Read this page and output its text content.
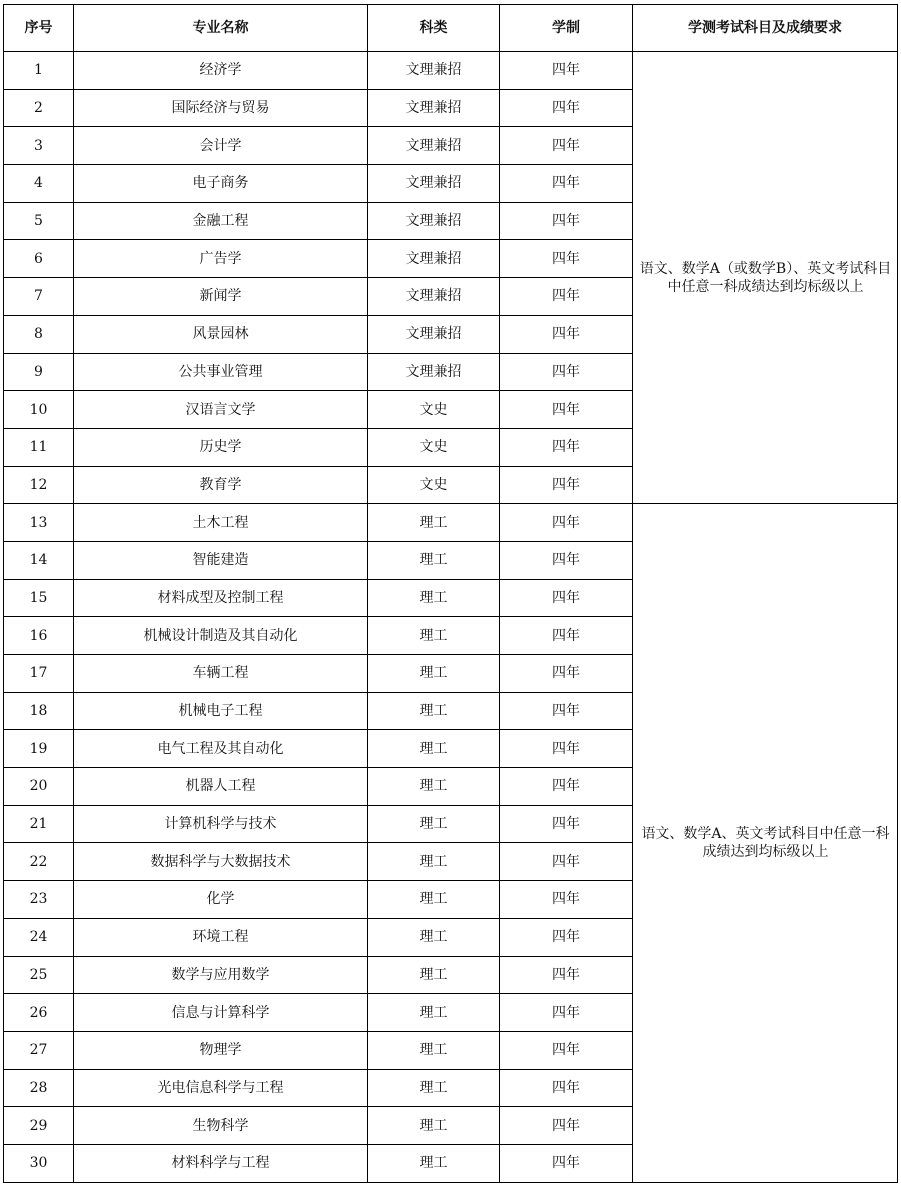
序号	专业名称	科类	学制	学测考试科目及成绩要求
1	经济学	文理兼招	四年	语文、数学A（或数学B）、英文考试科目中任意一科成绩达到均标级以上
2	国际经济与贸易	文理兼招	四年	
3	会计学	文理兼招	四年	
4	电子商务	文理兼招	四年	
5	金融工程	文理兼招	四年	
6	广告学	文理兼招	四年	
7	新闻学	文理兼招	四年	
8	风景园林	文理兼招	四年	
9	公共事业管理	文理兼招	四年	
10	汉语言文学	文史	四年	
11	历史学	文史	四年	
12	教育学	文史	四年	
13	土木工程	理工	四年	语文、数学A、英文考试科目中任意一科成绩达到均标级以上
14	智能建造	理工	四年	
15	材料成型及控制工程	理工	四年	
16	机械设计制造及其自动化	理工	四年	
17	车辆工程	理工	四年	
18	机械电子工程	理工	四年	
19	电气工程及其自动化	理工	四年	
20	机器人工程	理工	四年	
21	计算机科学与技术	理工	四年	
22	数据科学与大数据技术	理工	四年	
23	化学	理工	四年	
24	环境工程	理工	四年	
25	数学与应用数学	理工	四年	
26	信息与计算科学	理工	四年	
27	物理学	理工	四年	
28	光电信息科学与工程	理工	四年	
29	生物科学	理工	四年	
30	材料科学与工程	理工	四年	
